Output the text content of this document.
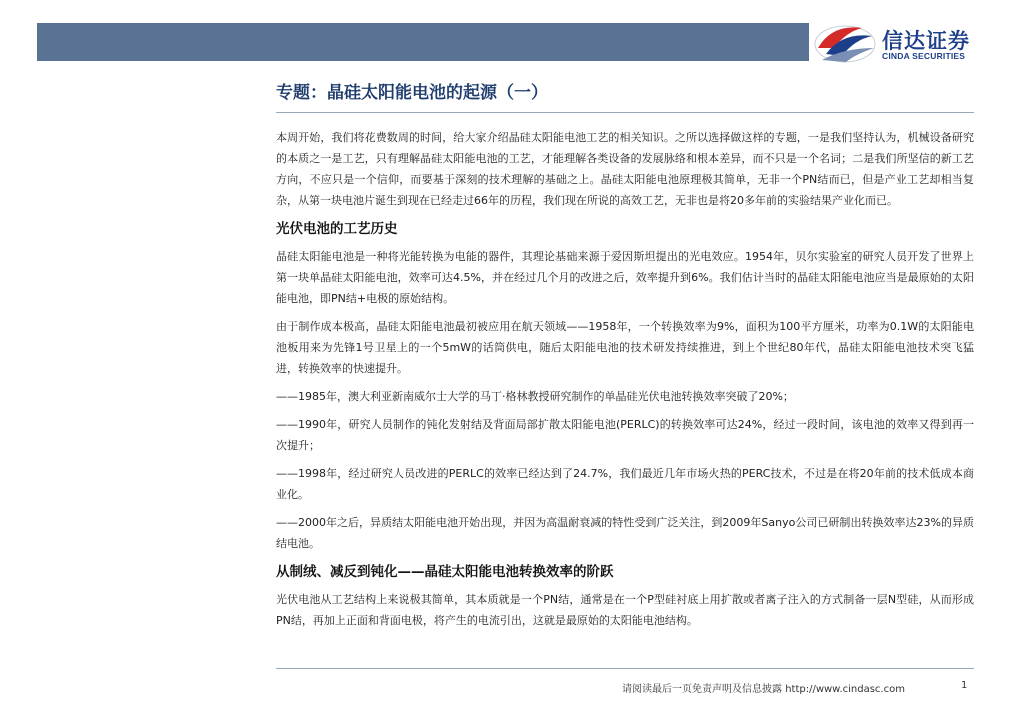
信达证券
CINDA SECURITIES
专题：晶硅太阳能电池的起源（一）

本周开始，我们将花费数周的时间，给大家介绍晶硅太阳能电池工艺的相关知识。之所以选择做这样的专题，一是我们坚持认为，机械设备研究的本质之一是工艺，只有理解晶硅太阳能电池的工艺，才能理解各类设备的发展脉络和根本差异，而不只是一个名词；二是我们所坚信的新工艺方向，不应只是一个信仰，而要基于深刻的技术理解的基础之上。晶硅太阳能电池原理极其简单，无非一个PN结而已，但是产业工艺却相当复杂，从第一块电池片诞生到现在已经走过66年的历程，我们现在所说的高效工艺，无非也是将20多年前的实验结果产业化而已。

光伏电池的工艺历史

晶硅太阳能电池是一种将光能转换为电能的器件，其理论基础来源于爱因斯坦提出的光电效应。1954年，贝尔实验室的研究人员开发了世界上第一块单晶硅太阳能电池，效率可达4.5%，并在经过几个月的改进之后，效率提升到6%。我们估计当时的晶硅太阳能电池应当是最原始的太阳能电池，即PN结+电极的原始结构。

由于制作成本极高，晶硅太阳能电池最初被应用在航天领域——1958年，一个转换效率为9%，面积为100平方厘米，功率为0.1W的太阳能电池板用来为先锋1号卫星上的一个5mW的话筒供电，随后太阳能电池的技术研发持续推进，到上个世纪80年代，晶硅太阳能电池技术突飞猛进，转换效率的快速提升。

——1985年，澳大利亚新南威尔士大学的马丁·格林教授研究制作的单晶硅光伏电池转换效率突破了20%；

——1990年，研究人员制作的钝化发射结及背面局部扩散太阳能电池(PERLC)的转换效率可达24%，经过一段时间，该电池的效率又得到再一次提升；

——1998年，经过研究人员改进的PERLC的效率已经达到了24.7%，我们最近几年市场火热的PERC技术，不过是在将20年前的技术低成本商业化。

——2000年之后，异质结太阳能电池开始出现，并因为高温耐衰减的特性受到广泛关注，到2009年Sanyo公司已研制出转换效率达23%的异质结电池。

从制绒、减反到钝化——晶硅太阳能电池转换效率的阶跃

光伏电池从工艺结构上来说极其简单，其本质就是一个PN结，通常是在一个P型硅衬底上用扩散或者离子注入的方式制备一层N型硅，从而形成PN结，再加上正面和背面电极，将产生的电流引出，这就是最原始的太阳能电池结构。

请阅读最后一页免责声明及信息披露 http://www.cindasc.com	1
